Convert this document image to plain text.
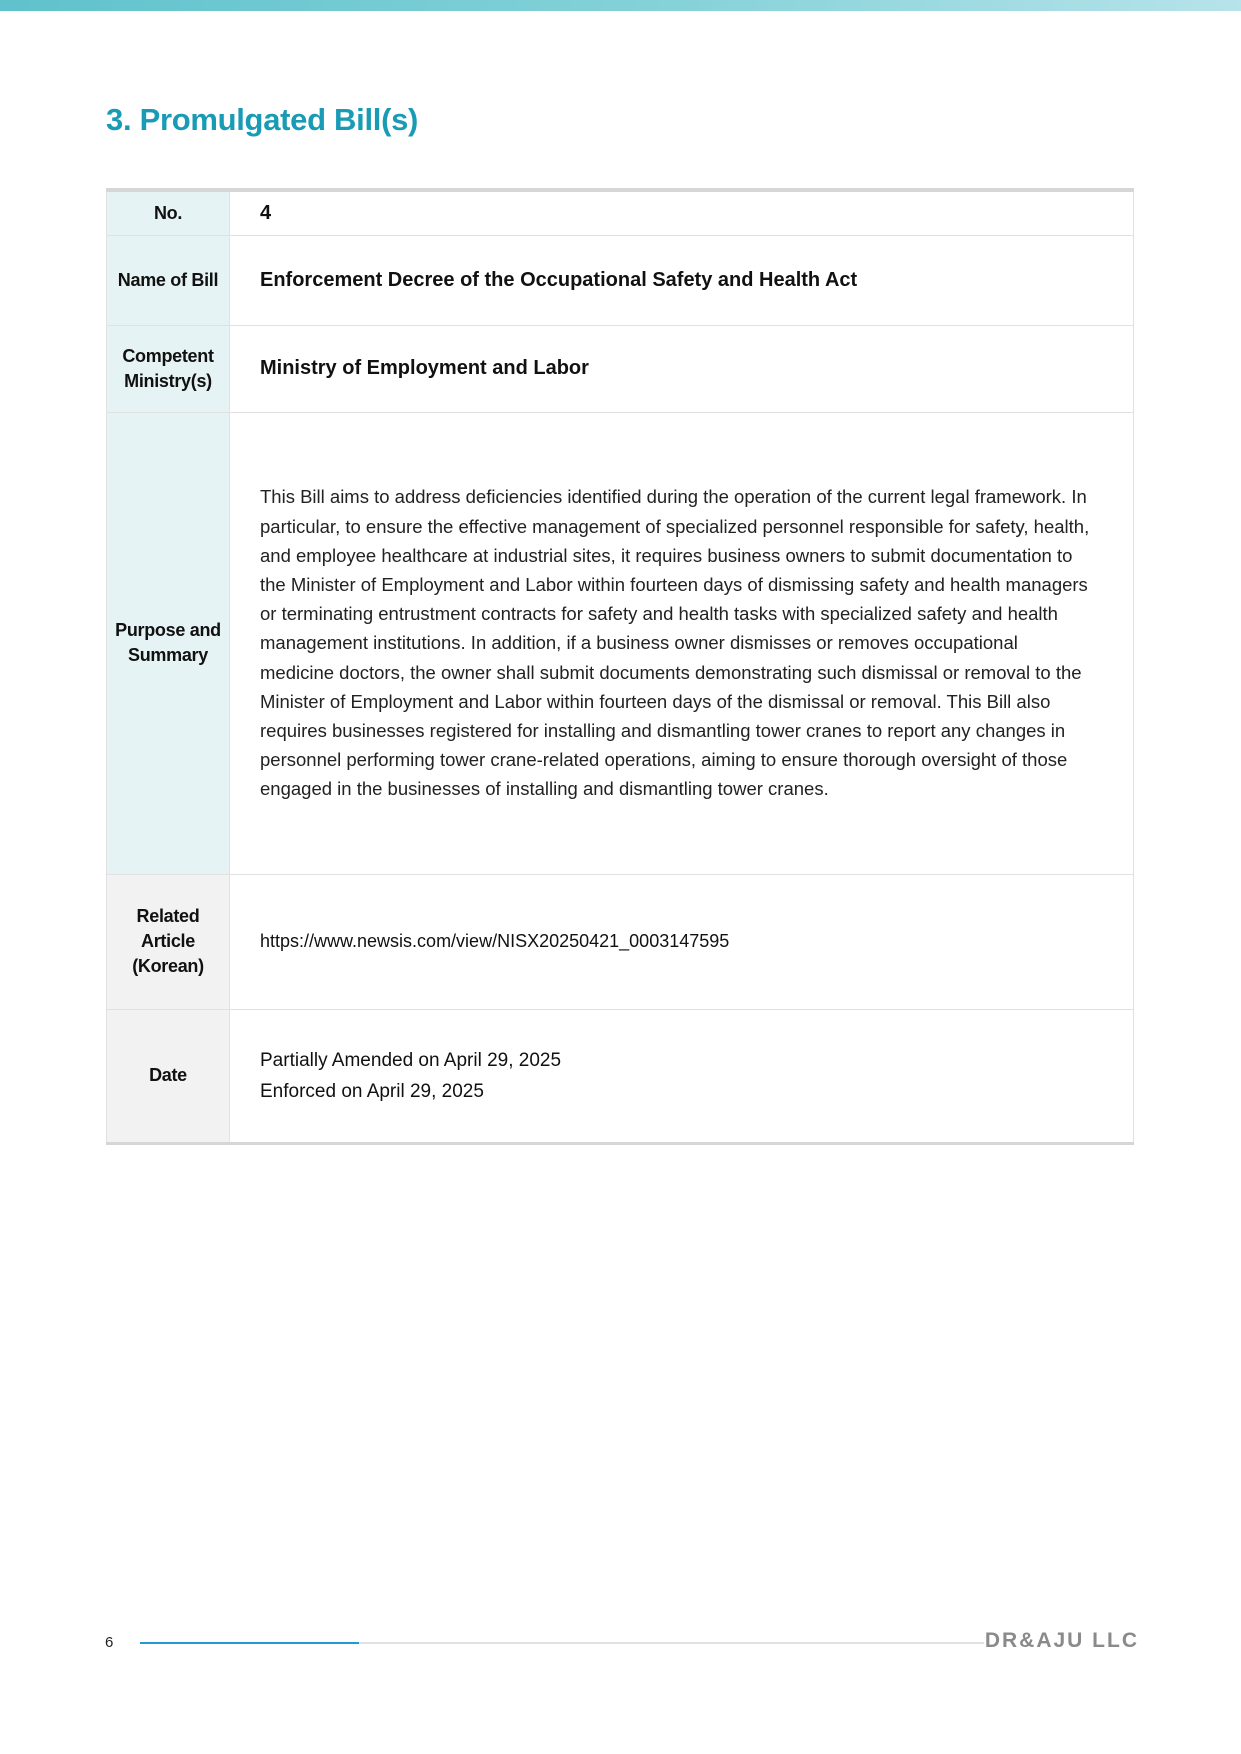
3. Promulgated Bill(s)
No.	4
Name of Bill	Enforcement Decree of the Occupational Safety and Health Act
Competent Ministry(s)	Ministry of Employment and Labor
Purpose and Summary	This Bill aims to address deficiencies identified during the operation of the current legal framework. In particular, to ensure the effective management of specialized personnel responsible for safety, health, and employee healthcare at industrial sites, it requires business owners to submit documentation to the Minister of Employment and Labor within fourteen days of dismissing safety and health managers or terminating entrustment contracts for safety and health tasks with specialized safety and health management institutions. In addition, if a business owner dismisses or removes occupational medicine doctors, the owner shall submit documents demonstrating such dismissal or removal to the Minister of Employment and Labor within fourteen days of the dismissal or removal. This Bill also requires businesses registered for installing and dismantling tower cranes to report any changes in personnel performing tower crane-related operations, aiming to ensure thorough oversight of those engaged in the businesses of installing and dismantling tower cranes.
Related Article (Korean)	https://www.newsis.com/view/NISX20250421_0003147595
Date	Partially Amended on April 29, 2025
Enforced on April 29, 2025
6	DR&AJU LLC
